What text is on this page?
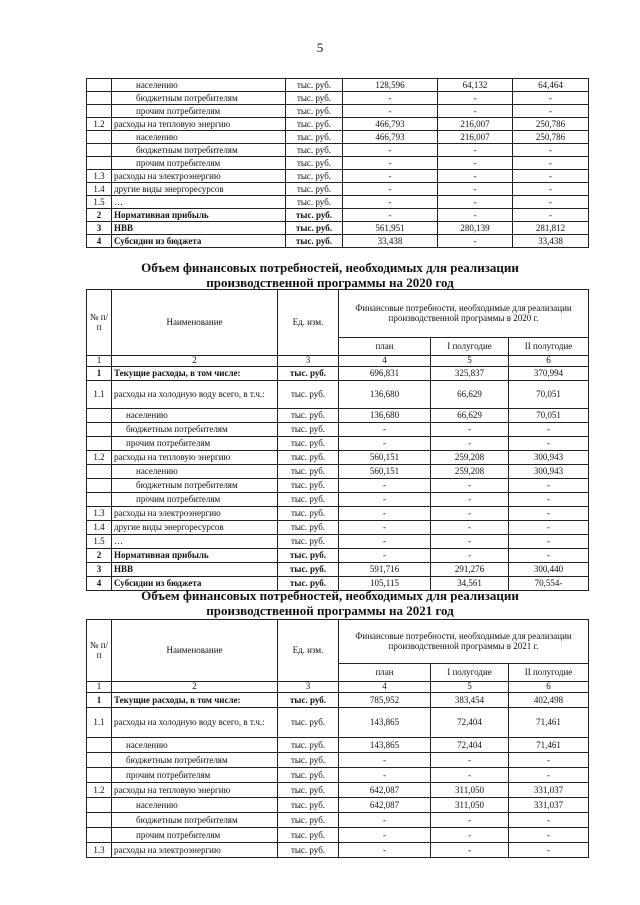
5
	населению	тыс. руб.	128,596	64,132	64,464
	бюджетным потребителям	тыс. руб.	-	-	-
	прочим потребителям	тыс. руб.	-	-	-
1.2	расходы на тепловую энергию	тыс. руб.	466,793	216,007	250,786
	населению	тыс. руб.	466,793	216,007	250,786
	бюджетным потребителям	тыс. руб.	-	-	-
	прочим потребителям	тыс. руб.	-	-	-
1.3	расходы на электроэнергию	тыс. руб.	-	-	-
1.4	другие виды энергоресурсов	тыс. руб.	-	-	-
1.5	…	тыс. руб.	-	-	-
2	Нормативная прибыль	тыс. руб.	-	-	-
3	НВВ	тыс. руб.	561,951	280,139	281,812
4	Субсидии из бюджета	тыс. руб.	33,438	-	33,438
Объем финансовых потребностей, необходимых для реализации производственной программы на 2020 год
№ п/п	Наименование	Ед. изм.	Финансовые потребности, необходимые для реализации производственной программы в 2020 г.		
			план	I полугодие	II полугодие
1	2	3	4	5	6
1	Текущие расходы, в том числе:	тыс. руб.	696,831	325,837	370,994
1.1	расходы на холодную воду всего, в т.ч.:	тыс. руб.	136,680	66,629	70,051
	населению	тыс. руб.	136,680	66,629	70,051
	бюджетным потребителям	тыс. руб.	-	-	-
	прочим потребителям	тыс. руб.	-	-	-
1.2	расходы на тепловую энергию	тыс. руб.	560,151	259,208	300,943
	населению	тыс. руб.	560,151	259,208	300,943
	бюджетным потребителям	тыс. руб.	-	-	-
	прочим потребителям	тыс. руб.	-	-	-
1.3	расходы на электроэнергию	тыс. руб.	-	-	-
1.4	другие виды энергоресурсов	тыс. руб.	-	-	-
1.5	…	тыс. руб.	-	-	-
2	Нормативная прибыль	тыс. руб.	-	-	-
3	НВВ	тыс. руб.	591,716	291,276	300,440
4	Субсидии из бюджета	тыс. руб.	105,115	34,561	70,554-
Объем финансовых потребностей, необходимых для реализации производственной программы на 2021 год
№ п/п	Наименование	Ед. изм.	Финансовые потребности, необходимые для реализации производственной программы в 2021 г.		
			план	I полугодие	II полугодие
1	2	3	4	5	6
1	Текущие расходы, в том числе:	тыс. руб.	785,952	383,454	402,498
1.1	расходы на холодную воду всего, в т.ч.:	тыс. руб.	143,865	72,404	71,461
	населению	тыс. руб.	143,865	72,404	71,461
	бюджетным потребителям	тыс. руб.	-	-	-
	прочим потребителям	тыс. руб.	-	-	-
1.2	расходы на тепловую энергию	тыс. руб.	642,087	311,050	331,037
	населению	тыс. руб.	642,087	311,050	331,037
	бюджетным потребителям	тыс. руб.	-	-	-
	прочим потребителям	тыс. руб.	-	-	-
1.3	расходы на электроэнергию	тыс. руб.	-	-	-
